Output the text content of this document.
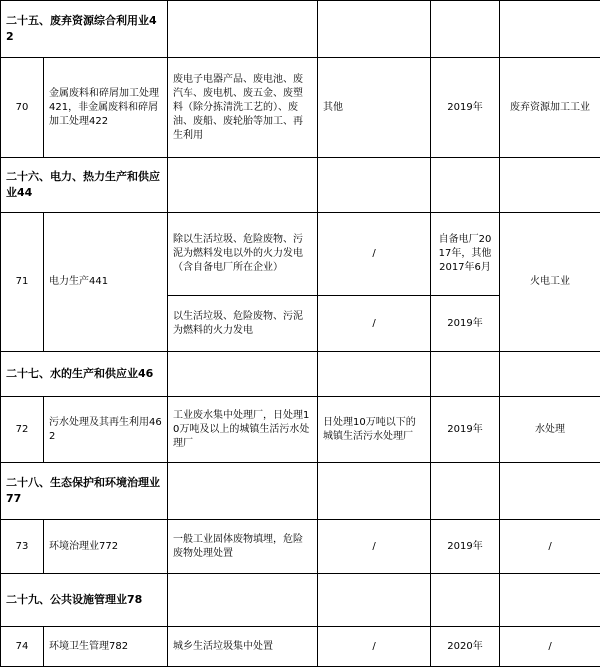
二十五、废弃资源综合利用业42					
70	金属废料和碎屑加工处理421，非金属废料和碎屑加工处理422	废电子电器产品、废电池、废汽车、废电机、废五金、废塑料（除分拣清洗工艺的）、废油、废船、废轮胎等加工、再生利用	其他	2019年	废弃资源加工工业
二十六、电力、热力生产和供应业44					
71	电力生产441	除以生活垃圾、危险废物、污泥为燃料发电以外的火力发电（含自备电厂所在企业）	/	自备电厂2017年，其他2017年6月	火电工业
		以生活垃圾、危险废物、污泥为燃料的火力发电	/	2019年	
二十七、水的生产和供应业46					
72	污水处理及其再生利用462	工业废水集中处理厂，日处理10万吨及以上的城镇生活污水处理厂	日处理10万吨以下的城镇生活污水处理厂	2019年	水处理
二十八、生态保护和环境治理业77					
73	环境治理业772	一般工业固体废物填埋，危险废物处理处置	/	2019年	/
二十九、公共设施管理业78					
74	环境卫生管理782	城乡生活垃圾集中处置	/	2020年	/
